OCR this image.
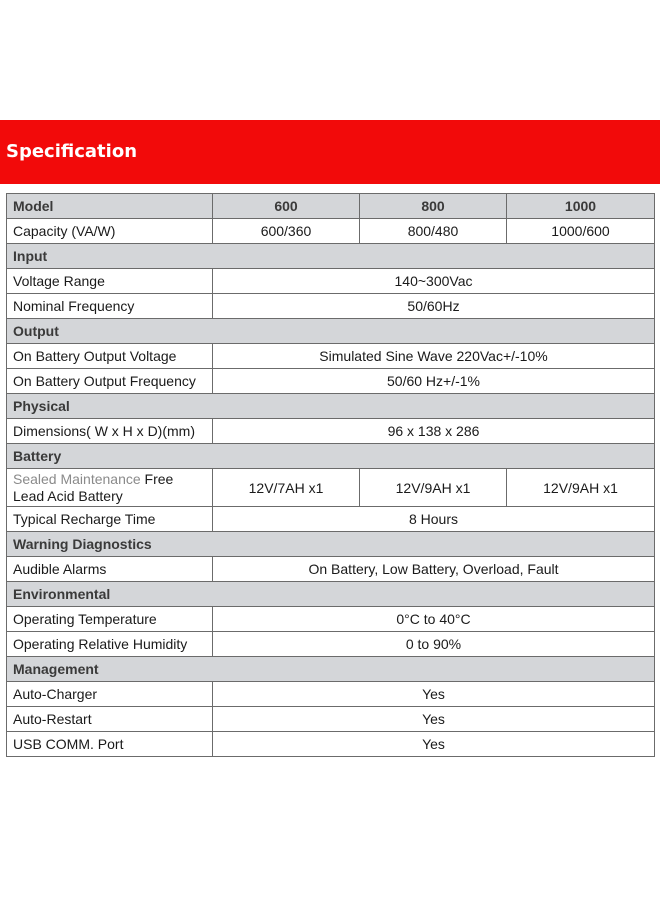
Specification
Model	600	800	1000
Capacity (VA/W)	600/360	800/480	1000/600
Input			
Voltage Range	140~300Vac		
Nominal Frequency	50/60Hz		
Output			
On Battery Output Voltage	Simulated Sine Wave 220Vac+/-10%		
On Battery Output Frequency	50/60 Hz+/-1%		
Physical			
Dimensions( W x H x D)(mm)	96 x 138 x 286		
Battery			
Sealed Maintenance Free Lead Acid Battery	12V/7AH x1	12V/9AH x1	12V/9AH x1
Typical Recharge Time	8 Hours		
Warning Diagnostics			
Audible Alarms	On Battery, Low Battery, Overload, Fault		
Environmental			
Operating Temperature	0°C to 40°C		
Operating Relative Humidity	0 to 90%		
Management			
Auto-Charger	Yes		
Auto-Restart	Yes		
USB COMM. Port	Yes		
